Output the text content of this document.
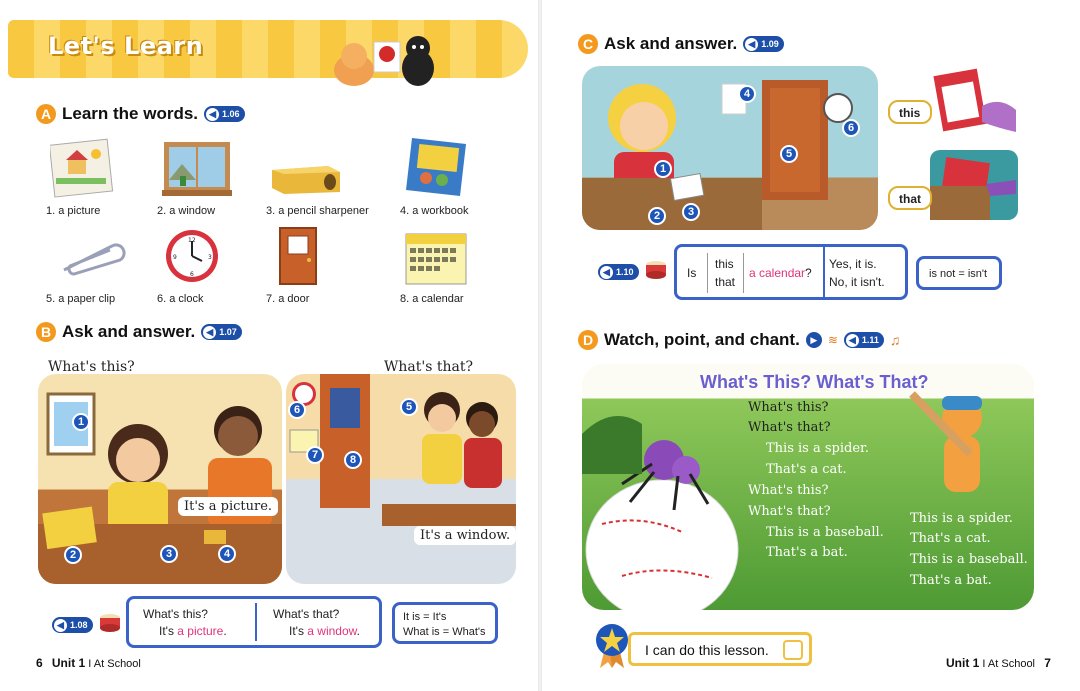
Let's Learn
A Learn the words.	◀ 1.06
1. a picture	2. a window	3. a pencil sharpener	4. a workbook
12
3
6
9
5. a paper clip	6. a clock	7. a door	8. a calendar
B Ask and answer.	◀ 1.07
What's this?	What's that?
1
2	3	4
5
6
7	8
It's a picture.
It's a window.
◀ 1.08
What's this?
It's a picture.
What's that?
It's a window.
It is = It's
What is = What's
6 Unit 1 I At School
C Ask and answer.	◀ 1.09
1
2	3
4
5
6
this
that
◀ 1.10	Is
this
that
a calendar?
Yes, it is.
No, it isn't.
is not = isn't
D Watch, point, and chant.	▶ ≋	◀ 1.11 ♫
What's This? What's That?
What's this?
What's that?
This is a spider.
That's a cat.
What's this?
What's that?
This is a baseball.
That's a bat.
This is a spider.
That's a cat.
This is a baseball.
That's a bat.
I can do this lesson.
Unit 1 I At School 7
